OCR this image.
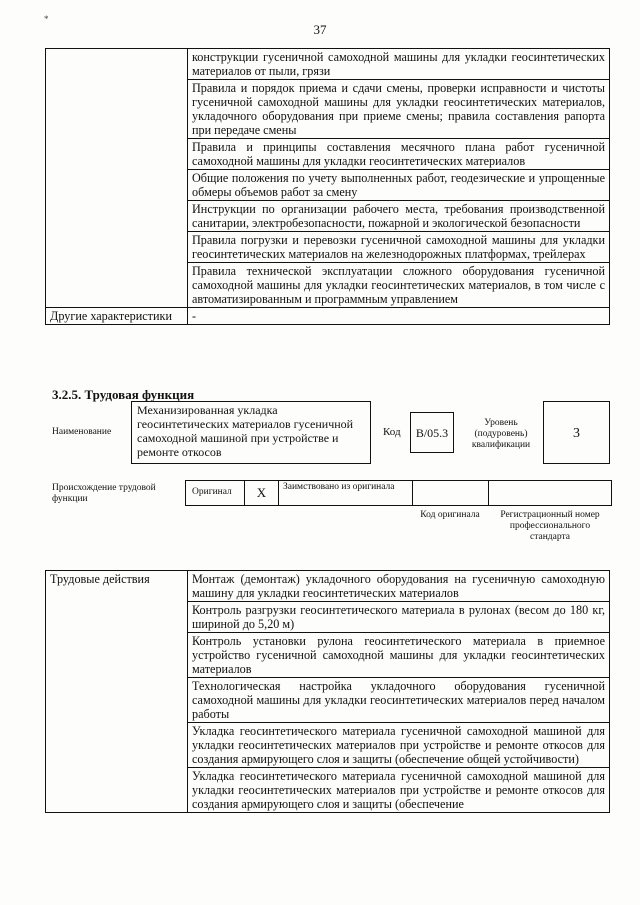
*
37
	конструкции гусеничной самоходной машины для укладки геосинтетических материалов от пыли, грязи
	Правила и порядок приема и сдачи смены, проверки исправности и чистоты гусеничной самоходной машины для укладки геосинтетических материалов, укладочного оборудования при приеме смены; правила составления рапорта при передаче смены
	Правила и принципы составления месячного плана работ гусеничной самоходной машины для укладки геосинтетических материалов
	Общие положения по учету выполненных работ, геодезические и упрощенные обмеры объемов работ за смену
	Инструкции по организации рабочего места, требования производственной санитарии, электробезопасности, пожарной и экологической безопасности
	Правила погрузки и перевозки гусеничной самоходной машины для укладки геосинтетических материалов на железнодорожных платформах, трейлерах
	Правила технической эксплуатации сложного оборудования гусеничной самоходной машины для укладки геосинтетических материалов, в том числе с автоматизированным и программным управлением
Другие характеристики	-
3.2.5. Трудовая функция
Наименование
Механизированная укладка геосинтетических материалов гусеничной самоходной машиной при устройстве и ремонте откосов
Код	B/05.3
Уровень (подуровень) квалификации
3
Происхождение трудовой функции
Оригинал	X	Заимствовано из оригинала
Код оригинала	Регистрационный номер профессионального стандарта
Трудовые действия	Монтаж (демонтаж) укладочного оборудования на гусеничную самоходную машину для укладки геосинтетических материалов
Контроль разгрузки геосинтетического материала в рулонах (весом до 180 кг, шириной до 5,20 м)
Контроль установки рулона геосинтетического материала в приемное устройство гусеничной самоходной машины для укладки геосинтетических материалов
Технологическая настройка укладочного оборудования гусеничной самоходной машины для укладки геосинтетических материалов перед началом работы
Укладка геосинтетического материала гусеничной самоходной машиной для укладки геосинтетических материалов при устройстве и ремонте откосов для создания армирующего слоя и защиты (обеспечение общей устойчивости)
Укладка геосинтетического материала гусеничной самоходной машиной для укладки геосинтетических материалов при устройстве и ремонте откосов для создания армирующего слоя и защиты (обеспечение
